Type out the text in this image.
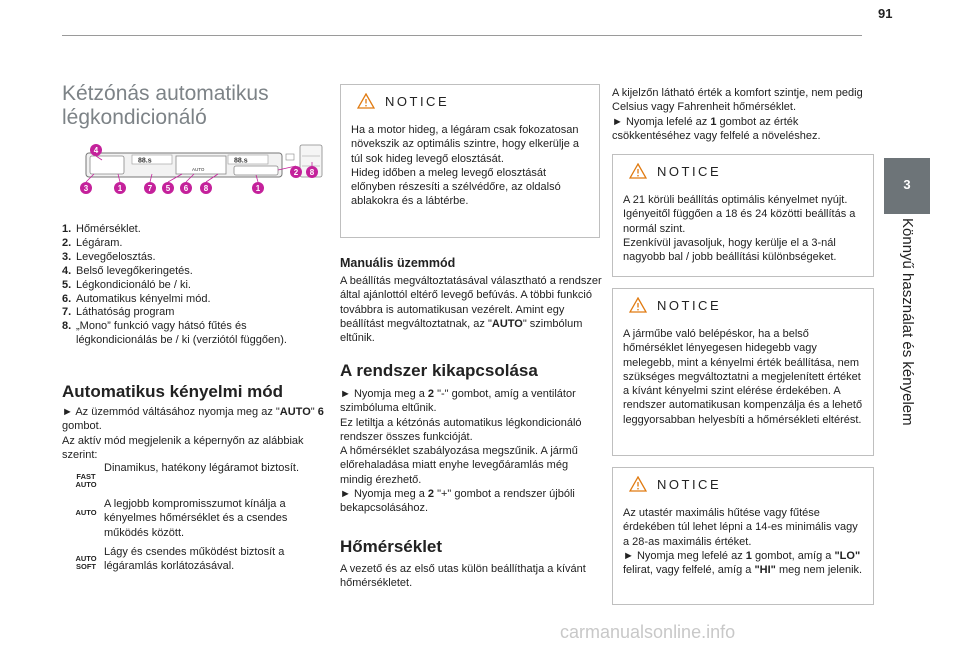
91
3
Könnyű használat és kényelem
Kétzónás automatikus
légkondicionáló
88.s	88.s
AUTO
4
2 8
3	1	7 5 6 8	1
1. Hőmérséklet.
2. Légáram.
3. Levegőelosztás.
4. Belső levegőkeringetés.
5. Légkondicionáló be / ki.
6. Automatikus kényelmi mód.
7. Láthatóság program
8. „Mono” funkció vagy hátsó fűtés és légkondicionálás be / ki (verziótól függően).
Automatikus kényelmi mód
► Az üzemmód váltásához nyomja meg az "AUTO" 6 gombot.
Az aktív mód megjelenik a képernyőn az alábbiak szerint:
FAST
AUTO
Dinamikus, hatékony légáramot biztosít.
AUTO
A legjobb kompromisszumot kínálja a kényelmes hőmérséklet és a csendes működés között.
AUTO
SOFT
Lágy és csendes működést biztosít a légáramlás korlátozásával.
NOTICE
Ha a motor hideg, a légáram csak fokozatosan növekszik az optimális szintre, hogy elkerülje a túl sok hideg levegő elosztását.
Hideg időben a meleg levegő elosztását előnyben részesíti a szélvédőre, az oldalsó ablakokra és a lábtérbe.
Manuális üzemmód
A beállítás megváltoztatásával választható a rendszer által ajánlottól eltérő levegő befúvás. A többi funkció továbbra is automatikusan vezérelt. Amint egy beállítást megváltoztatnak, az "AUTO" szimbólum eltűnik.
A rendszer kikapcsolása
► Nyomja meg a 2 "-" gombot, amíg a ventilátor szimbóluma eltűnik.
Ez letiltja a kétzónás automatikus légkondicionáló rendszer összes funkcióját.
A hőmérséklet szabályozása megszűnik. A jármű előrehaladása miatt enyhe levegőáramlás még mindig érezhető.
► Nyomja meg a 2 "+" gombot a rendszer újbóli bekapcsolásához.
Hőmérséklet
A vezető és az első utas külön beállíthatja a kívánt hőmérsékletet.
A kijelzőn látható érték a komfort szintje, nem pedig Celsius vagy Fahrenheit hőmérséklet.
► Nyomja lefelé az 1 gombot az érték csökkentéséhez vagy felfelé a növeléshez.
NOTICE
A 21 körüli beállítás optimális kényelmet nyújt. Igényeitől függően a 18 és 24 közötti beállítás a normál szint.
Ezenkívül javasoljuk, hogy kerülje el a 3-nál nagyobb bal / jobb beállítási különbségeket.
NOTICE
A járműbe való belépéskor, ha a belső hőmérséklet lényegesen hidegebb vagy melegebb, mint a kényelmi érték beállítása, nem szükséges megváltoztatni a megjelenített értéket a kívánt kényelmi szint elérése érdekében. A rendszer automatikusan kompenzálja és a lehető leggyorsabban helyesbíti a hőmérsékleti eltérést.
NOTICE
Az utastér maximális hűtése vagy fűtése érdekében túl lehet lépni a 14-es minimális vagy a 28-as maximális értéket.
► Nyomja meg lefelé az 1 gombot, amíg a "LO" felirat, vagy felfelé, amíg a "HI" meg nem jelenik.
carmanualsonline.info
